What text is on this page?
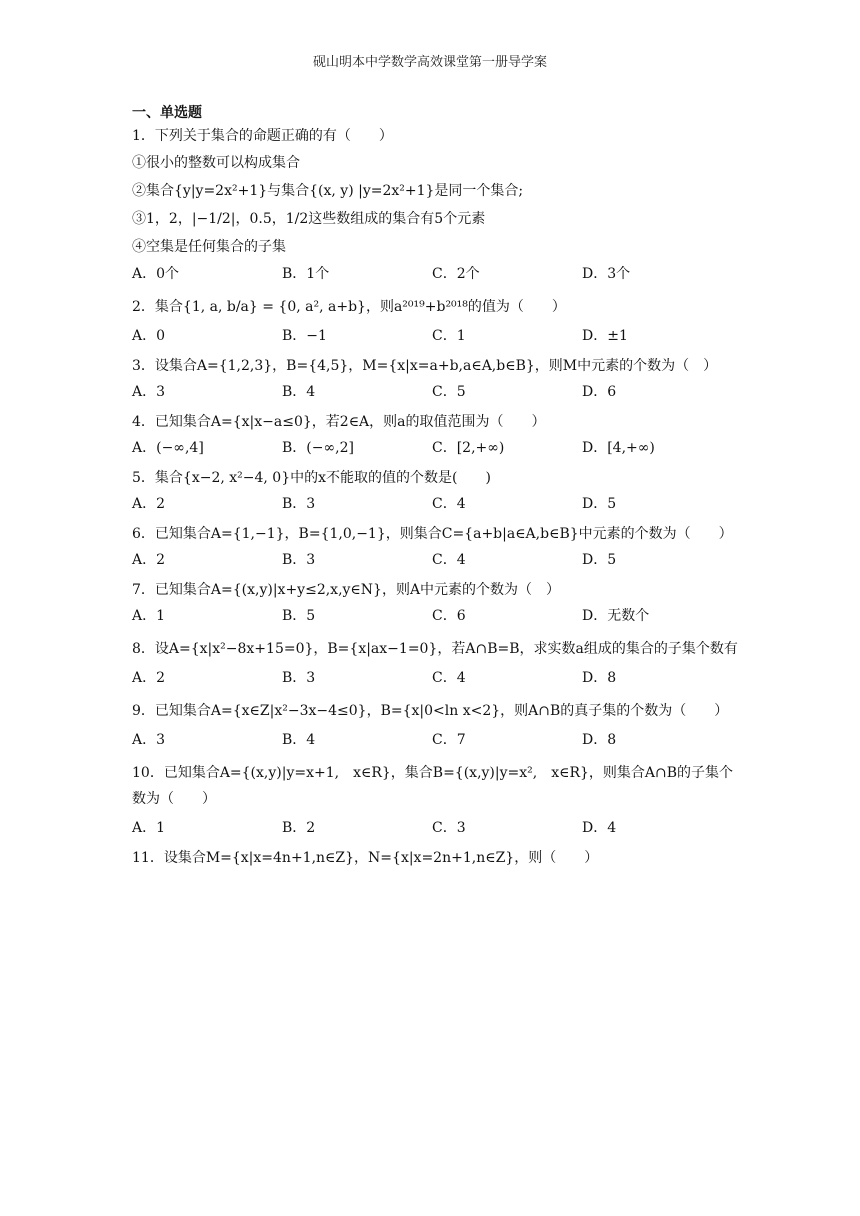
砚山明本中学数学高效课堂第一册导学案
一、单选题
1．下列关于集合的命题正确的有（　　）
①很小的整数可以构成集合
②集合{y|y=2x²+1}与集合{(x, y) |y=2x²+1}是同一个集合;
③1，2，|−1/2|，0.5，1/2这些数组成的集合有5个元素
④空集是任何集合的子集
A．0个	B．1个	C．2个	D．3个
2．集合{1, a, b/a} = {0, a², a+b}，则a²⁰¹⁹+b²⁰¹⁸的值为（　　）
A．0	B．−1	C．1	D．±1
3．设集合A={1,2,3}，B={4,5}，M={x|x=a+b,a∈A,b∈B}，则M中元素的个数为（　）
A．3	B．4	C．5	D．6
4．已知集合A={x|x−a≤0}，若2∈A，则a的取值范围为（　　）
A．(−∞,4]	B．(−∞,2]	C．[2,+∞)	D．[4,+∞)
5．集合{x−2, x²−4, 0}中的x不能取的值的个数是(　　)
A．2	B．3	C．4	D．5
6．已知集合A={1,−1}，B={1,0,−1}，则集合C={a+b|a∈A,b∈B}中元素的个数为（　　）
A．2	B．3	C．4	D．5
7．已知集合A={(x,y)|x+y≤2,x,y∈N}，则A中元素的个数为（　）
A．1	B．5	C．6	D．无数个
8．设A={x|x²−8x+15=0}，B={x|ax−1=0}，若A∩B=B，求实数a组成的集合的子集个数有
A．2	B．3	C．4	D．8
9．已知集合A={x∈Z|x²−3x−4≤0}，B={x|0<ln x<2}，则A∩B的真子集的个数为（　　）
A．3	B．4	C．7	D．8
10．已知集合A={(x,y)|y=x+1,　x∈R}，集合B={(x,y)|y=x²,　x∈R}，则集合A∩B的子集个数为（　　）
A．1	B．2	C．3	D．4
11．设集合M={x|x=4n+1,n∈Z}，N={x|x=2n+1,n∈Z}，则（　　）
